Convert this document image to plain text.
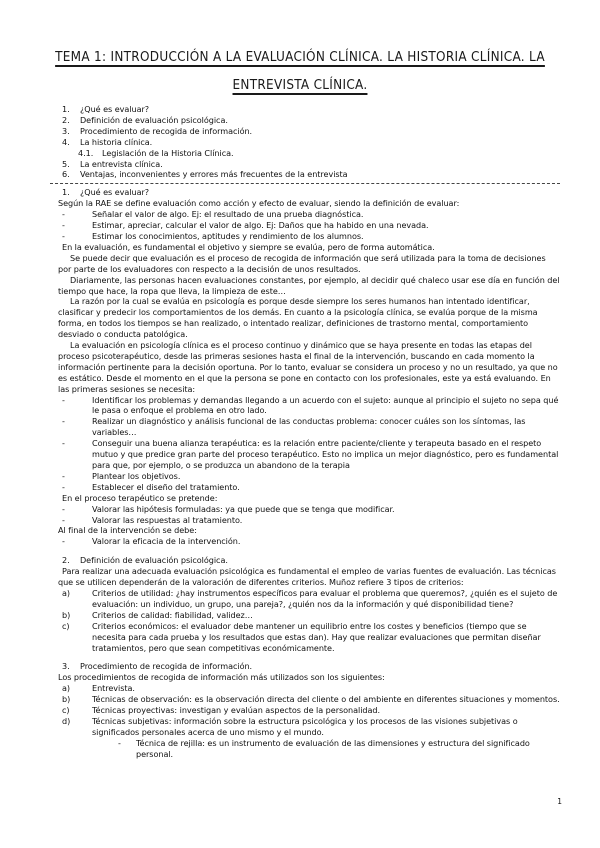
TEMA 1: INTRODUCCIÓN A LA EVALUACIÓN CLÍNICA. LA HISTORIA CLÍNICA. LA
ENTREVISTA CLÍNICA.
1. ¿Qué es evaluar?
2. Definición de evaluación psicológica.
3. Procedimiento de recogida de información.
4. La historia clínica.
4.1. Legislación de la Historia Clínica.
5. La entrevista clínica.
6. Ventajas, inconvenientes y errores más frecuentes de la entrevista
1. ¿Qué es evaluar?
Según la RAE se define evaluación como acción y efecto de evaluar, siendo la definición de evaluar:
-	Señalar el valor de algo. Ej: el resultado de una prueba diagnóstica.
-	Estimar, apreciar, calcular el valor de algo. Ej: Daños que ha habido en una nevada.
-	Estimar los conocimientos, aptitudes y rendimiento de los alumnos.
En la evaluación, es fundamental el objetivo y siempre se evalúa, pero de forma automática.
Se puede decir que evaluación es el proceso de recogida de información que será utilizada para la toma de decisiones por parte de los evaluadores con respecto a la decisión de unos resultados.
Diariamente, las personas hacen evaluaciones constantes, por ejemplo, al decidir qué chaleco usar ese día en función del tiempo que hace, la ropa que lleva, la limpieza de este…
La razón por la cual se evalúa en psicología es porque desde siempre los seres humanos han intentado identificar, clasificar y predecir los comportamientos de los demás. En cuanto a la psicología clínica, se evalúa porque de la misma forma, en todos los tiempos se han realizado, o intentado realizar, definiciones de trastorno mental, comportamiento desviado o conducta patológica.
La evaluación en psicología clínica es el proceso continuo y dinámico que se haya presente en todas las etapas del proceso psicoterapéutico, desde las primeras sesiones hasta el final de la intervención, buscando en cada momento la información pertinente para la decisión oportuna. Por lo tanto, evaluar se considera un proceso y no un resultado, ya que no es estático. Desde el momento en el que la persona se pone en contacto con los profesionales, este ya está evaluando. En las primeras sesiones se necesita:
-	Identificar los problemas y demandas llegando a un acuerdo con el sujeto: aunque al principio el sujeto no sepa qué le pasa o enfoque el problema en otro lado.
-	Realizar un diagnóstico y análisis funcional de las conductas problema: conocer cuáles son los síntomas, las variables…
-	Conseguir una buena alianza terapéutica: es la relación entre paciente/cliente y terapeuta basado en el respeto mutuo y que predice gran parte del proceso terapéutico. Esto no implica un mejor diagnóstico, pero es fundamental para que, por ejemplo, o se produzca un abandono de la terapia
-	Plantear los objetivos.
-	Establecer el diseño del tratamiento.
En el proceso terapéutico se pretende:
-	Valorar las hipótesis formuladas: ya que puede que se tenga que modificar.
-	Valorar las respuestas al tratamiento.
Al final de la intervención se debe:
-	Valorar la eficacia de la intervención.
2. Definición de evaluación psicológica.
Para realizar una adecuada evaluación psicológica es fundamental el empleo de varias fuentes de evaluación. Las técnicas que se utilicen dependerán de la valoración de diferentes criterios. Muñoz refiere 3 tipos de criterios:
a)	Criterios de utilidad: ¿hay instrumentos específicos para evaluar el problema que queremos?, ¿quién es el sujeto de evaluación: un individuo, un grupo, una pareja?, ¿quién nos da la información y qué disponibilidad tiene?
b)	Criterios de calidad: fiabilidad, validez…
c)	Criterios económicos: el evaluador debe mantener un equilibrio entre los costes y beneficios (tiempo que se necesita para cada prueba y los resultados que estas dan). Hay que realizar evaluaciones que permitan diseñar tratamientos, pero que sean competitivas económicamente.
3. Procedimiento de recogida de información.
Los procedimientos de recogida de información más utilizados son los siguientes:
a)	Entrevista.
b)	Técnicas de observación: es la observación directa del cliente o del ambiente en diferentes situaciones y momentos.
c)	Técnicas proyectivas: investigan y evalúan aspectos de la personalidad.
d)	Técnicas subjetivas: información sobre la estructura psicológica y los procesos de las visiones subjetivas o significados personales acerca de uno mismo y el mundo.
- Técnica de rejilla: es un instrumento de evaluación de las dimensiones y estructura del significado personal.
1
